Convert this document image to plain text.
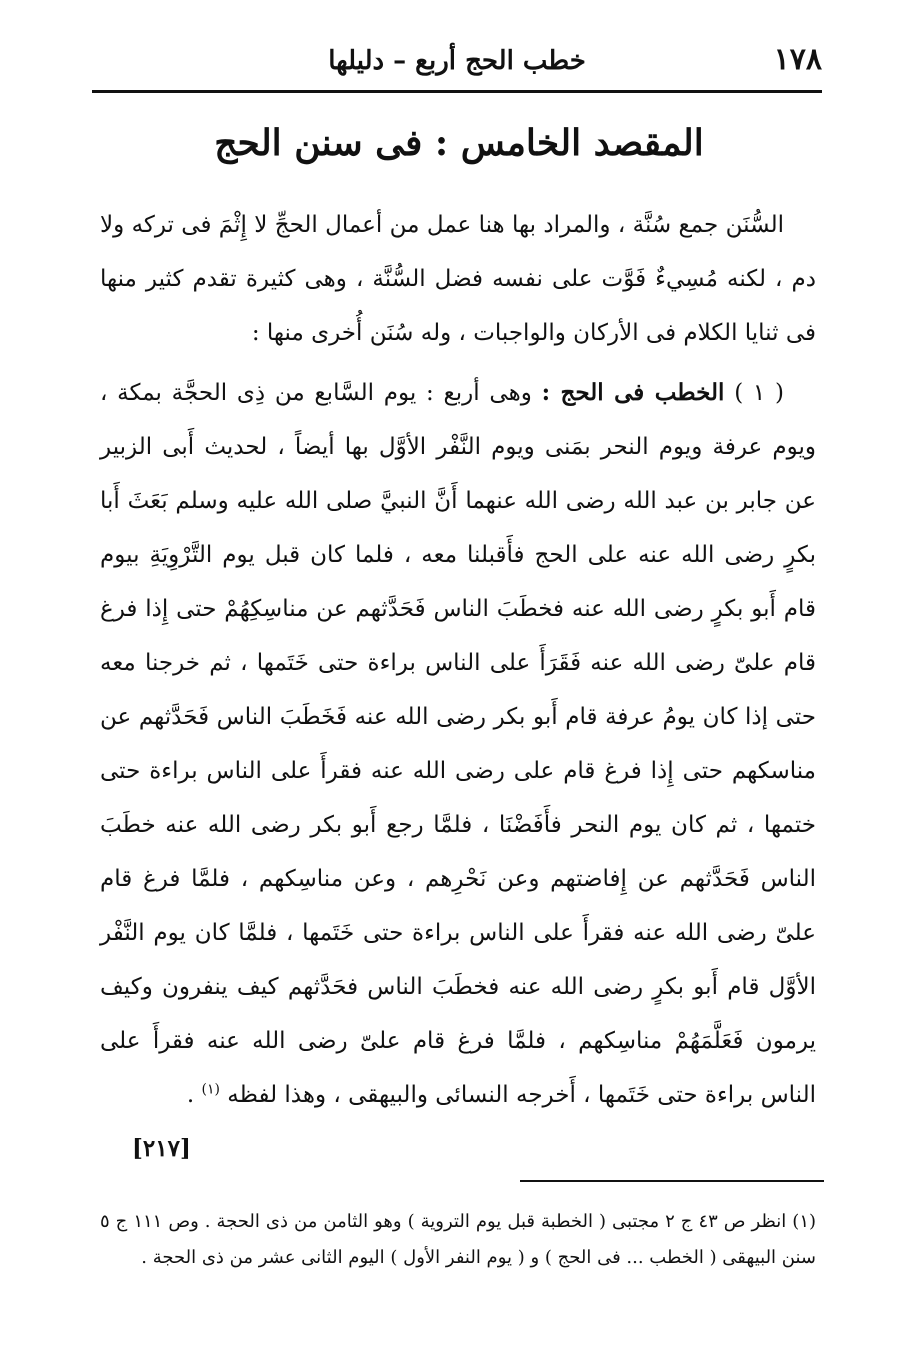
١٧٨
خطب الحج أربع – دليلها
المقصد الخامس : فى سنن الحج

السُّنَن جمع سُنَّة ، والمراد بها هنا عمل من أعمال الحجِّ لا إِثْمَ فى تركه ولا دم ، لكنه مُسِيءٌ فَوَّت على نفسه فضل السُّنَّة ، وهى كثيرة تقدم كثير منها فى ثنايا الكلام فى الأركان والواجبات ، وله سُنَن أُخرى منها :

( ١ ) الخطب فى الحج : وهى أربع : يوم السَّابع من ذِى الحجَّة بمكة ، ويوم عرفة ويوم النحر بمَنى ويوم النَّفْر الأوَّل بها أيضاً ، لحديث أَبى الزبير عن جابر بن عبد الله رضى الله عنهما أَنَّ النبيَّ صلى الله عليه وسلم بَعَثَ أَبا بكرٍ رضى الله عنه على الحج فأَقبلنا معه ، فلما كان قبل يوم التَّرْوِيَةِ بيوم قام أَبو بكرٍ رضى الله عنه فخطَبَ الناس فَحَدَّثهم عن مناسِكِهُمْ حتى إِذا فرغ قام علىّ رضى الله عنه فَقَرَأَ على الناس براءة حتى خَتَمها ، ثم خرجنا معه حتى إذا كان يومُ عرفة قام أَبو بكر رضى الله عنه فَخَطَبَ الناس فَحَدَّثهم عن مناسكهم حتى إِذا فرغ قام على رضى الله عنه فقرأَ على الناس براءة حتى ختمها ، ثم كان يوم النحر فأَفَضْنَا ، فلمَّا رجع أَبو بكر رضى الله عنه خطَبَ الناس فَحَدَّثهم عن إِفاضتهم وعن نَحْرِهم ، وعن مناسِكهم ، فلمَّا فرغ قام علىّ رضى الله عنه فقرأَ على الناس براءة حتى خَتَمها ، فلمَّا كان يوم النَّفْر الأوَّل قام أَبو بكرٍ رضى الله عنه فخطَبَ الناس فحَدَّثهم كيف ينفرون وكيف يرمون فَعَلَّمَهُمْ مناسِكهم ، فلمَّا فرغ قام علىّ رضى الله عنه فقرأَ على الناس براءة حتى خَتَمها ، أَخرجه النسائى والبيهقى ، وهذا لفظه $^{(١)}$ .
[٢١٧]

(١) انظر ص ٤٣ ج ٢ مجتبى ( الخطبة قبل يوم التروية ) وهو الثامن من ذى الحجة . وص ١١١ ج ٥ سنن البيهقى ( الخطب ... فى الحج ) و ( يوم النفر الأول ) اليوم الثانى عشر من ذى الحجة .
